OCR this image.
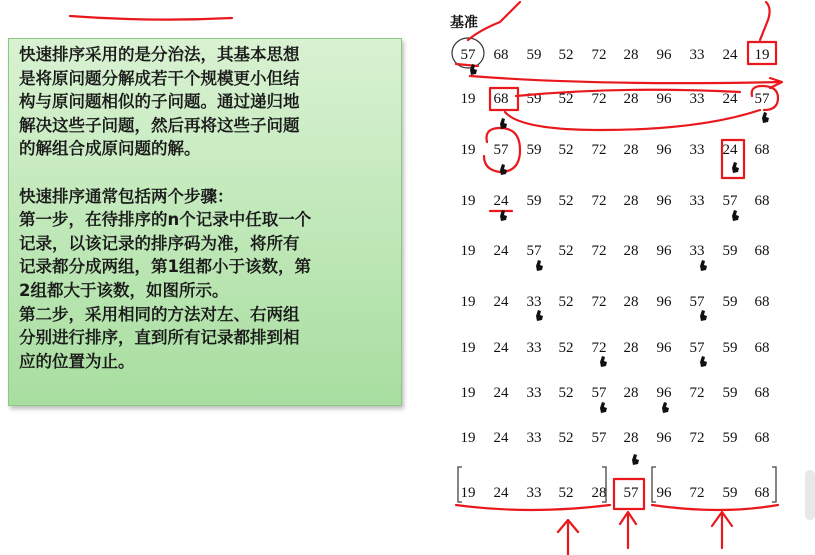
快速排序采用的是分治法，其基本思想
是将原问题分解成若干个规模更小但结
构与原问题相似的子问题。通过递归地
解决这些子问题，然后再将这些子问题
的解组合成原问题的解。

快速排序通常包括两个步骤：
第一步，在待排序的n个记录中任取一个
记录，以该记录的排序码为准，将所有
记录都分成两组，第1组都小于该数，第
2组都大于该数，如图所示。
第二步，采用相同的方法对左、右两组
分别进行排序，直到所有记录都排到相
应的位置为止。

基准
57	68	59	52	72	28	96	33	24	19
19	68	59	52	72	28	96	33	24	57
19	57	59	52	72	28	96	33	24	68
19	24	59	52	72	28	96	33	57	68
19	24	57	52	72	28	96	33	59	68
19	24	33	52	72	28	96	57	59	68
19	24	33	52	72	28	96	57	59	68
19	24	33	52	57	28	96	72	59	68
19	24	33	52	57	28	96	72	59	68
19	24	33	52	28	57	96	72	59	68
